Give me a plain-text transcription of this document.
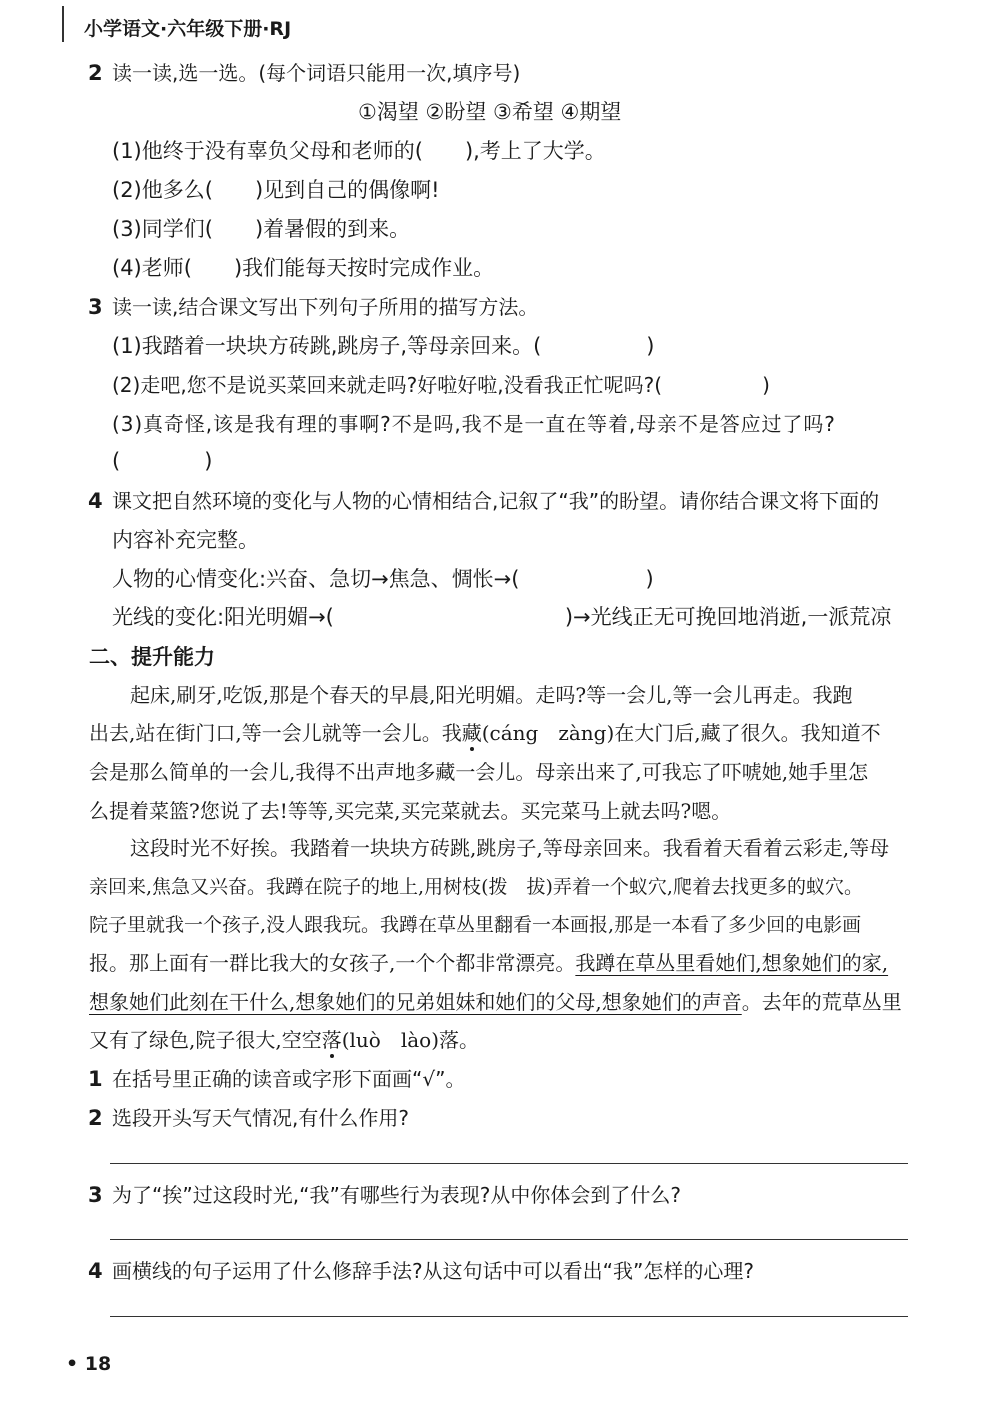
小学语文·六年级下册·RJ
2 读一读,选一选。(每个词语只能用一次,填序号)
①渴望 ②盼望 ③希望 ④期望
(1)他终于没有辜负父母和老师的(　　),考上了大学。
(2)他多么(　　)见到自己的偶像啊!
(3)同学们(　　)着暑假的到来。
(4)老师(　　)我们能每天按时完成作业。
3 读一读,结合课文写出下列句子所用的描写方法。
(1)我踏着一块块方砖跳,跳房子,等母亲回来。(　　　　　)
(2)走吧,您不是说买菜回来就走吗?好啦好啦,没看我正忙呢吗?(　　　　　)
(3)真奇怪,该是我有理的事啊?不是吗,我不是一直在等着,母亲不是答应过了吗?
(　　　　)
4 课文把自然环境的变化与人物的心情相结合,记叙了“我”的盼望。请你结合课文将下面的
内容补充完整。
人物的心情变化:兴奋、急切→焦急、惆怅→(　　　　　　)
光线的变化:阳光明媚→(　　　　　　　　　　　)→光线正无可挽回地消逝,一派荒凉
二、提升能力
起床,刷牙,吃饭,那是个春天的早晨,阳光明媚。走吗?等一会儿,等一会儿再走。我跑
出去,站在街门口,等一会儿就等一会儿。我藏(cáng　zàng)在大门后,藏了很久。我知道不
会是那么简单的一会儿,我得不出声地多藏一会儿。母亲出来了,可我忘了吓唬她,她手里怎
么提着菜篮?您说了去!等等,买完菜,买完菜就去。买完菜马上就去吗?嗯。
这段时光不好挨。我踏着一块块方砖跳,跳房子,等母亲回来。我看着天看着云彩走,等母
亲回来,焦急又兴奋。我蹲在院子的地上,用树枝(拨　拔)弄着一个蚁穴,爬着去找更多的蚁穴。
院子里就我一个孩子,没人跟我玩。我蹲在草丛里翻看一本画报,那是一本看了多少回的电影画
报。那上面有一群比我大的女孩子,一个个都非常漂亮。我蹲在草丛里看她们,想象她们的家,
想象她们此刻在干什么,想象她们的兄弟姐妹和她们的父母,想象她们的声音。去年的荒草丛里
又有了绿色,院子很大,空空落(luò　lào)落。
1 在括号里正确的读音或字形下面画“√”。
2 选段开头写天气情况,有什么作用?
3 为了“挨”过这段时光,“我”有哪些行为表现?从中你体会到了什么?
4 画横线的句子运用了什么修辞手法?从这句话中可以看出“我”怎样的心理?
• 18
